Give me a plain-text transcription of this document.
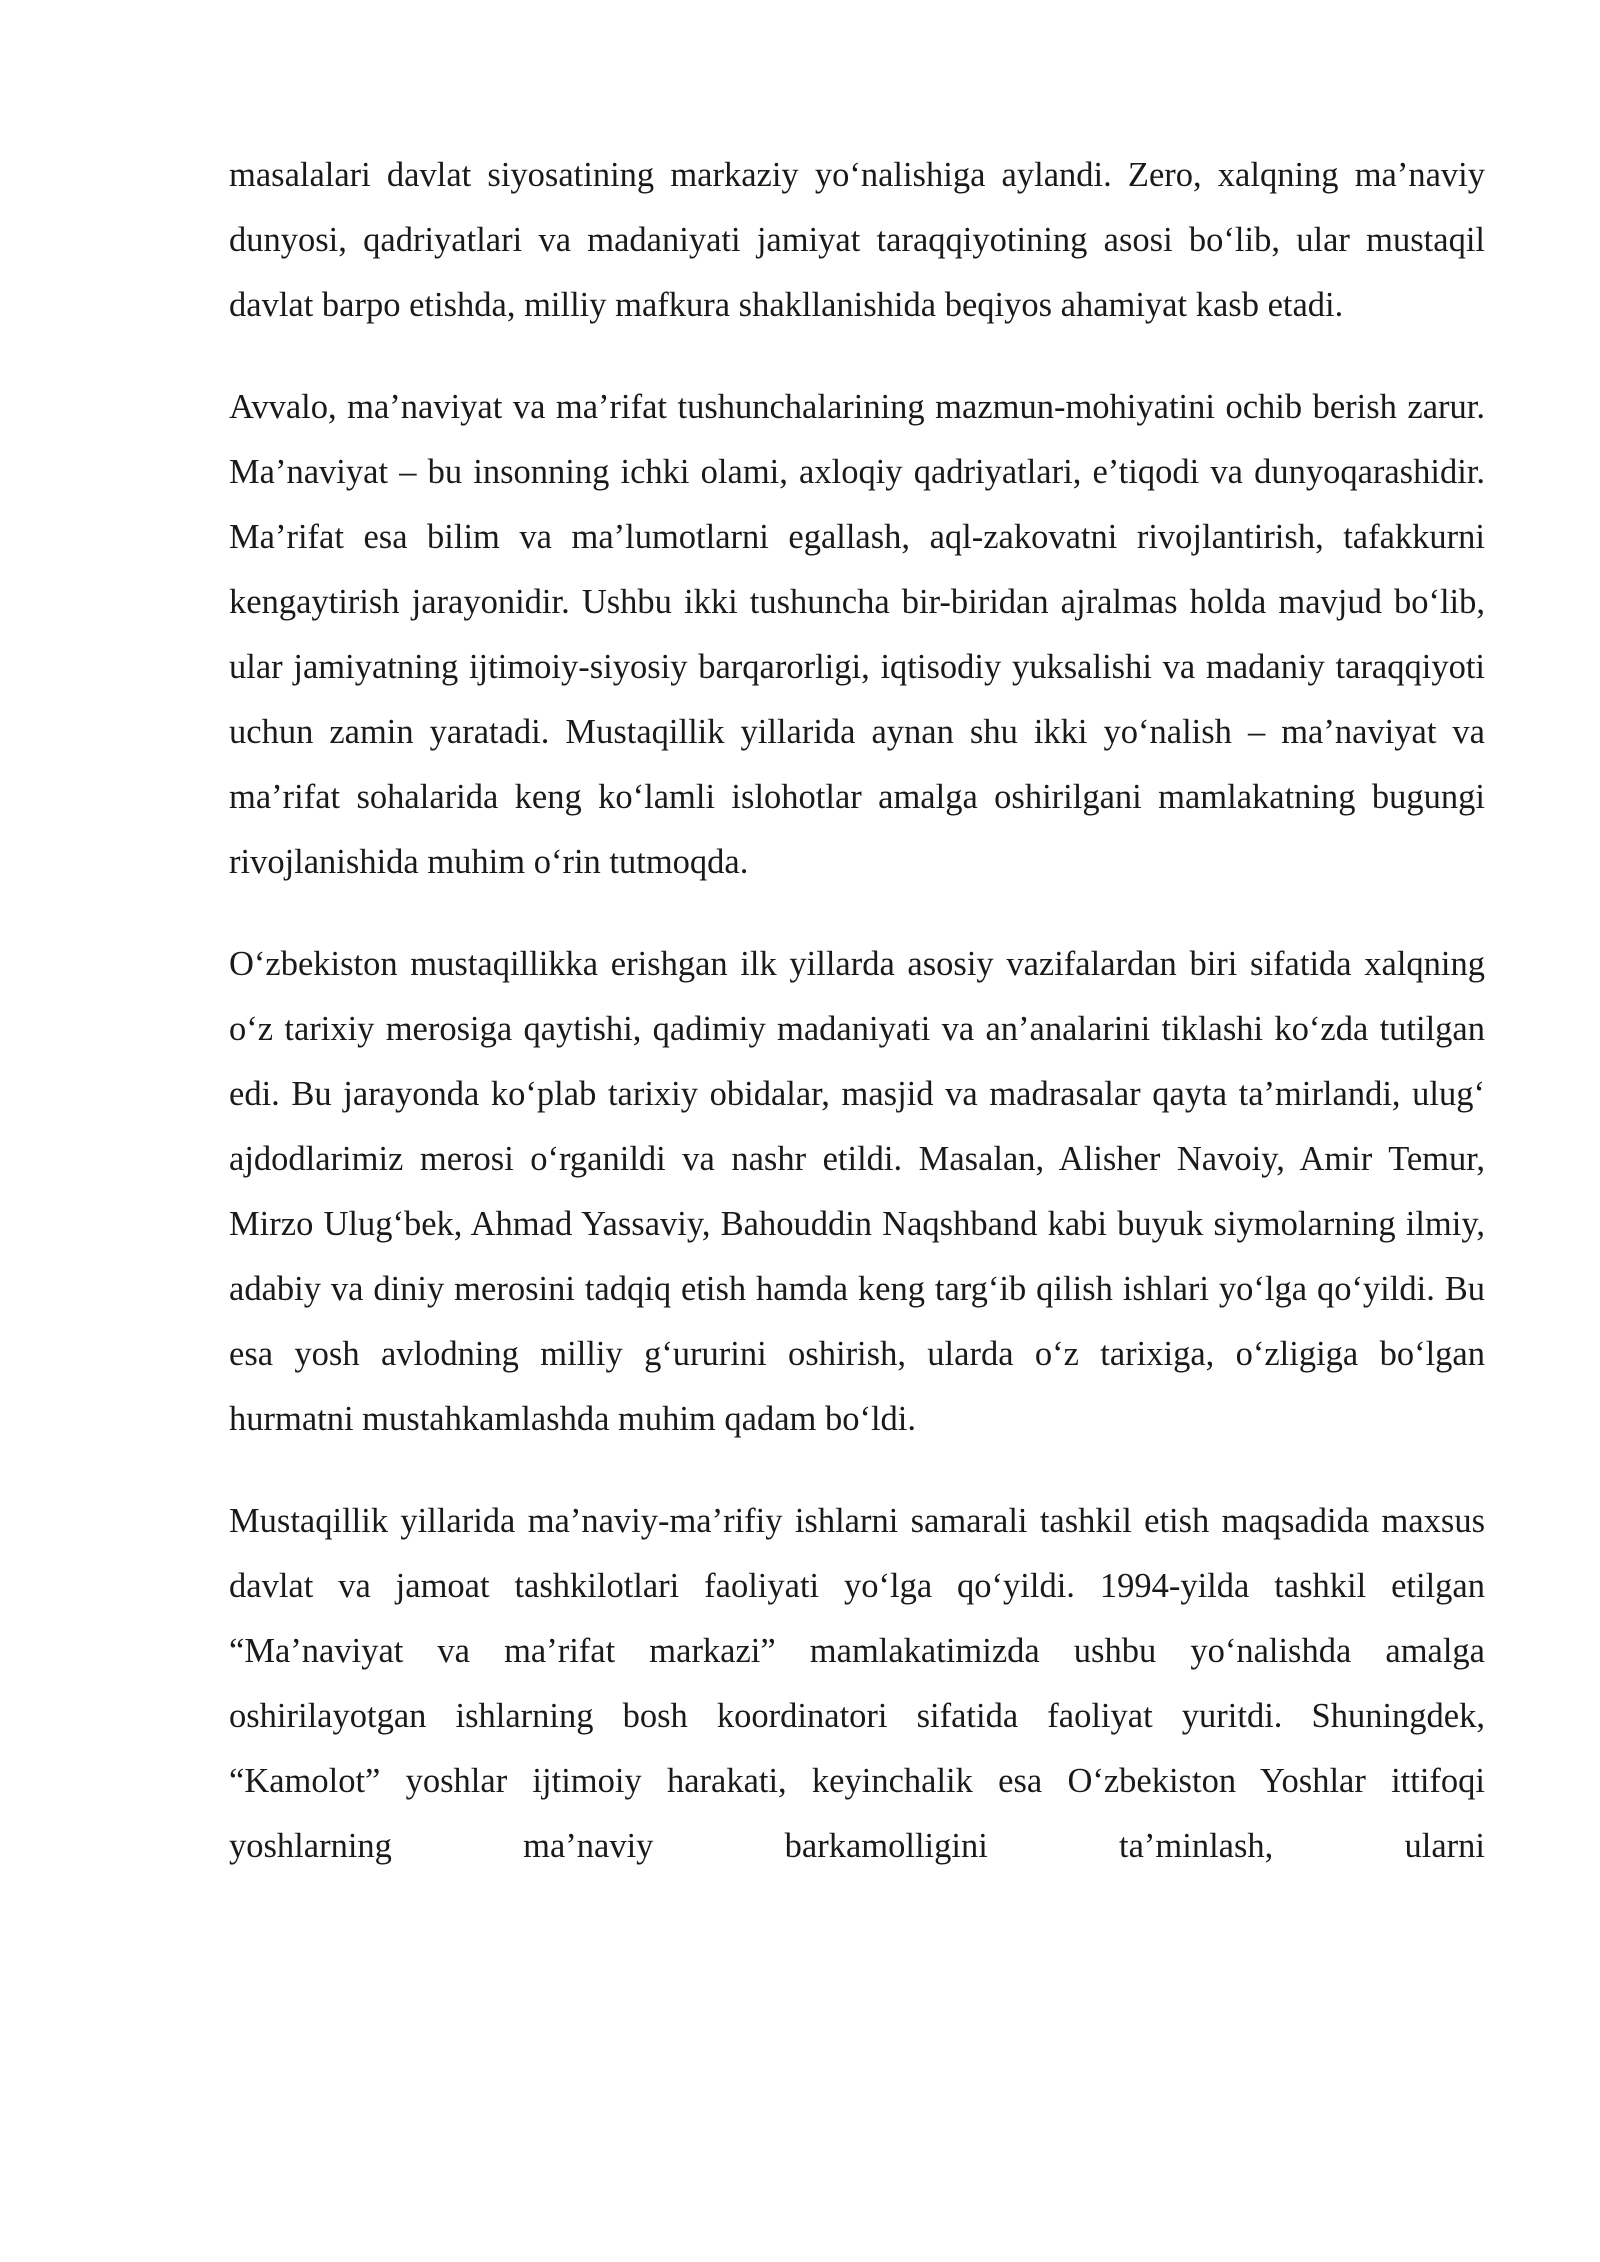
masalalari davlat siyosatining markaziy yo‘nalishiga aylandi. Zero, xalqning ma’naviy dunyosi, qadriyatlari va madaniyati jamiyat taraqqiyotining asosi bo‘lib, ular mustaqil davlat barpo etishda, milliy mafkura shakllanishida beqiyos ahamiyat kasb etadi.

Avvalo, ma’naviyat va ma’rifat tushunchalarining mazmun-mohiyatini ochib berish zarur. Ma’naviyat – bu insonning ichki olami, axloqiy qadriyatlari, e’tiqodi va dunyoqarashidir. Ma’rifat esa bilim va ma’lumotlarni egallash, aql-zakovatni rivojlantirish, tafakkurni kengaytirish jarayonidir. Ushbu ikki tushuncha bir-biridan ajralmas holda mavjud bo‘lib, ular jamiyatning ijtimoiy-siyosiy barqarorligi, iqtisodiy yuksalishi va madaniy taraqqiyoti uchun zamin yaratadi. Mustaqillik yillarida aynan shu ikki yo‘nalish – ma’naviyat va ma’rifat sohalarida keng ko‘lamli islohotlar amalga oshirilgani mamlakatning bugungi rivojlanishida muhim o‘rin tutmoqda.

O‘zbekiston mustaqillikka erishgan ilk yillarda asosiy vazifalardan biri sifatida xalqning o‘z tarixiy merosiga qaytishi, qadimiy madaniyati va an’analarini tiklashi ko‘zda tutilgan edi. Bu jarayonda ko‘plab tarixiy obidalar, masjid va madrasalar qayta ta’mirlandi, ulug‘ ajdodlarimiz merosi o‘rganildi va nashr etildi. Masalan, Alisher Navoiy, Amir Temur, Mirzo Ulug‘bek, Ahmad Yassaviy, Bahouddin Naqshband kabi buyuk siymolarning ilmiy, adabiy va diniy merosini tadqiq etish hamda keng targ‘ib qilish ishlari yo‘lga qo‘yildi. Bu esa yosh avlodning milliy g‘ururini oshirish, ularda o‘z tarixiga, o‘zligiga bo‘lgan hurmatni mustahkamlashda muhim qadam bo‘ldi.

Mustaqillik yillarida ma’naviy-ma’rifiy ishlarni samarali tashkil etish maqsadida maxsus davlat va jamoat tashkilotlari faoliyati yo‘lga qo‘yildi. 1994-yilda tashkil etilgan “Ma’naviyat va ma’rifat markazi” mamlakatimizda ushbu yo‘nalishda amalga oshirilayotgan ishlarning bosh koordinatori sifatida faoliyat yuritdi. Shuningdek, “Kamolot” yoshlar ijtimoiy harakati, keyinchalik esa O‘zbekiston Yoshlar ittifoqi yoshlarning ma’naviy barkamolligini ta’minlash, ularni
